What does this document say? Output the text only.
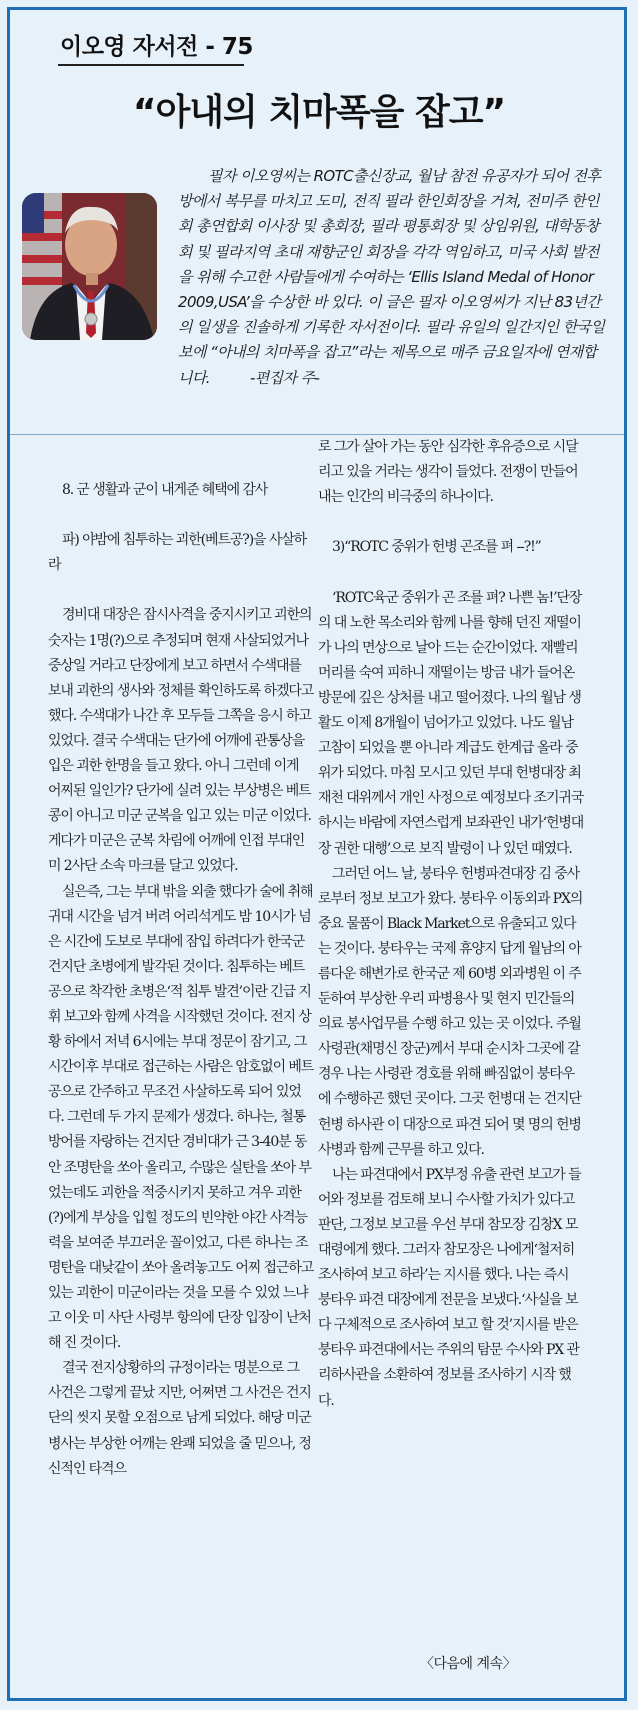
이오영 자서전 - 75
“아내의 치마폭을 잡고”

필자 이오영씨는 ROTC출신장교, 월남 참전 유공자가 되어 전후방에서 복무를 마치고 도미, 전직 필라 한인회장을 거쳐, 전미주 한인회 총연합회 이사장 및 총회장, 필라 평통회장 및 상임위원, 대학동창회 및 필라지역 초대 재향군인 회장을 각각 역임하고, 미국 사회 발전을 위해 수고한 사람들에게 수여하는 ‘Ellis Island Medal of Honor 2009,USA’을 수상한 바 있다. 이 글은 필자 이오영씨가 지난 83년간의 일생을 진솔하게 기록한 자서전이다. 필라 유일의 일간지인 한국일보에 “아내의 치마폭을 잡고”라는 제목으로 매주 금요일자에 연재합니다.	-편집자 주-

8. 군 생활과 군이 내게준 혜택에 감사

파) 야밤에 침투하는 괴한(베트공?)을 사살하라

경비대 대장은 잠시사격을 중지시키고 괴한의 숫자는 1명(?)으로 추정되며 현재 사살되었거나 중상일 거라고 단장에게 보고 하면서 수색대를 보내 괴한의 생사와 정체를 확인하도록 하겠다고 했다. 수색대가 나간 후 모두들 그쪽을 응시 하고 있었다. 결국 수색대는 단가에 어깨에 관통상을 입은 괴한 한명을 들고 왔다. 아니 그런데 이게 어찌된 일인가? 단가에 실려 있는 부상병은 베트콩이 아니고 미군 군복을 입고 있는 미군 이었다. 게다가 미군은 군복 차림에 어깨에 인접 부대인 미 2사단 소속 마크를 달고 있었다.

실은즉, 그는 부대 밖을 외출 했다가 술에 취해 귀대 시간을 넘겨 버려 어리석게도 밤 10시가 넘은 시간에 도보로 부대에 잠입 하려다가 한국군 건지단 초병에게 발각된 것이다. 침투하는 베트공으로 착각한 초병은‘적 침투 발견’이란 긴급 지휘 보고와 함께 사격을 시작했던 것이다. 전지 상황 하에서 저녁 6시에는 부대 정문이 잠기고, 그 시간이후 부대로 접근하는 사람은 암호없이 베트공으로 간주하고 무조건 사살하도록 되어 있었다. 그런데 두 가지 문제가 생겼다. 하나는, 철통 방어를 자랑하는 건지단 경비대가 근 3-40분 동안 조명탄을 쏘아 올리고, 수많은 실탄을 쏘아 부었는데도 괴한을 적중시키지 못하고 겨우 괴한(?)에게 부상을 입힐 정도의 빈약한 야간 사격능력을 보여준 부끄러운 꼴이었고, 다른 하나는 조명탄을 대낮같이 쏘아 올려놓고도 어찌 접근하고 있는 괴한이 미군이라는 것을 모를 수 있었 느냐고 이웃 미 사단 사령부 항의에 단장 입장이 난처해 진 것이다.

결국 전지상황하의 규정이라는 명분으로 그 사건은 그렇게 끝났 지만, 어쩌면 그 사건은 건지단의 씻지 못할 오점으로 남게 되었다. 해당 미군 병사는 부상한 어깨는 완쾌 되었을 줄 믿으나, 정신적인 타격으

로 그가 살아 가는 동안 심각한 후유증으로 시달리고 있을 거라는 생각이 들었다. 전쟁이 만들어 내는 인간의 비극중의 하나이다.

3)“ROTC 중위가 헌병 곤조를 펴 --?!”

‘ROTC육군 중위가 곤 조를 펴? 나쁜 놈!’단장의 대 노한 목소리와 함께 나를 향해 던진 재떨이가 나의 면상으로 날아 드는 순간이었다. 재빨리 머리를 숙여 피하니 재떨이는 방금 내가 들어온 방문에 깊은 상처를 내고 떨어졌다. 나의 월남 생활도 이제 8개월이 넘어가고 있었다. 나도 월남 고참이 되었을 뿐 아니라 계급도 한계급 올라 중위가 되었다. 마침 모시고 있던 부대 헌병대장 최재천 대위께서 개인 사정으로 예정보다 조기귀국 하시는 바람에 자연스럽게 보좌관인 내가‘헌병대장 권한 대행’으로 보직 발령이 나 있던 때였다.

그러던 어느 날, 붕타우 헌병파견대장 김 중사 로부터 정보 보고가 왔다. 붕타우 이동외과 PX의 중요 물품이 Black Market으로 유출되고 있다는 것이다. 붕타우는 국제 휴양지 답게 월남의 아름다운 해변가로 한국군 제 60병 외과병원 이 주둔하여 부상한 우리 파병용사 및 현지 민간들의 의료 봉사업무를 수행 하고 있는 곳 이었다. 주월 사령관(채명신 장군)께서 부대 순시차 그곳에 갈 경우 나는 사령관 경호를 위해 빠짐없이 붕타우에 수행하곤 했던 곳이다. 그곳 헌병대 는 건지단 헌병 하사관 이 대장으로 파견 되어 몇 명의 헌병 사병과 함께 근무를 하고 있다.

나는 파견대에서 PX부정 유출 관련 보고가 들어와 정보를 검토해 보니 수사할 가치가 있다고 판단, 그정보 보고를 우선 부대 참모장 김창X 모 대령에게 했다. 그러자 참모장은 나에게‘철저히 조사하여 보고 하라’는 지시를 했다. 나는 즉시 붕타우 파견 대장에게 전문을 보냈다.‘사실을 보다 구체적으로 조사하여 보고 할 것’지시를 받은 붕타우 파견대에서는 주위의 탐문 수사와 PX 관리하사관을 소환하여 정보를 조사하기 시작 했다.

〈다음에 계속〉
